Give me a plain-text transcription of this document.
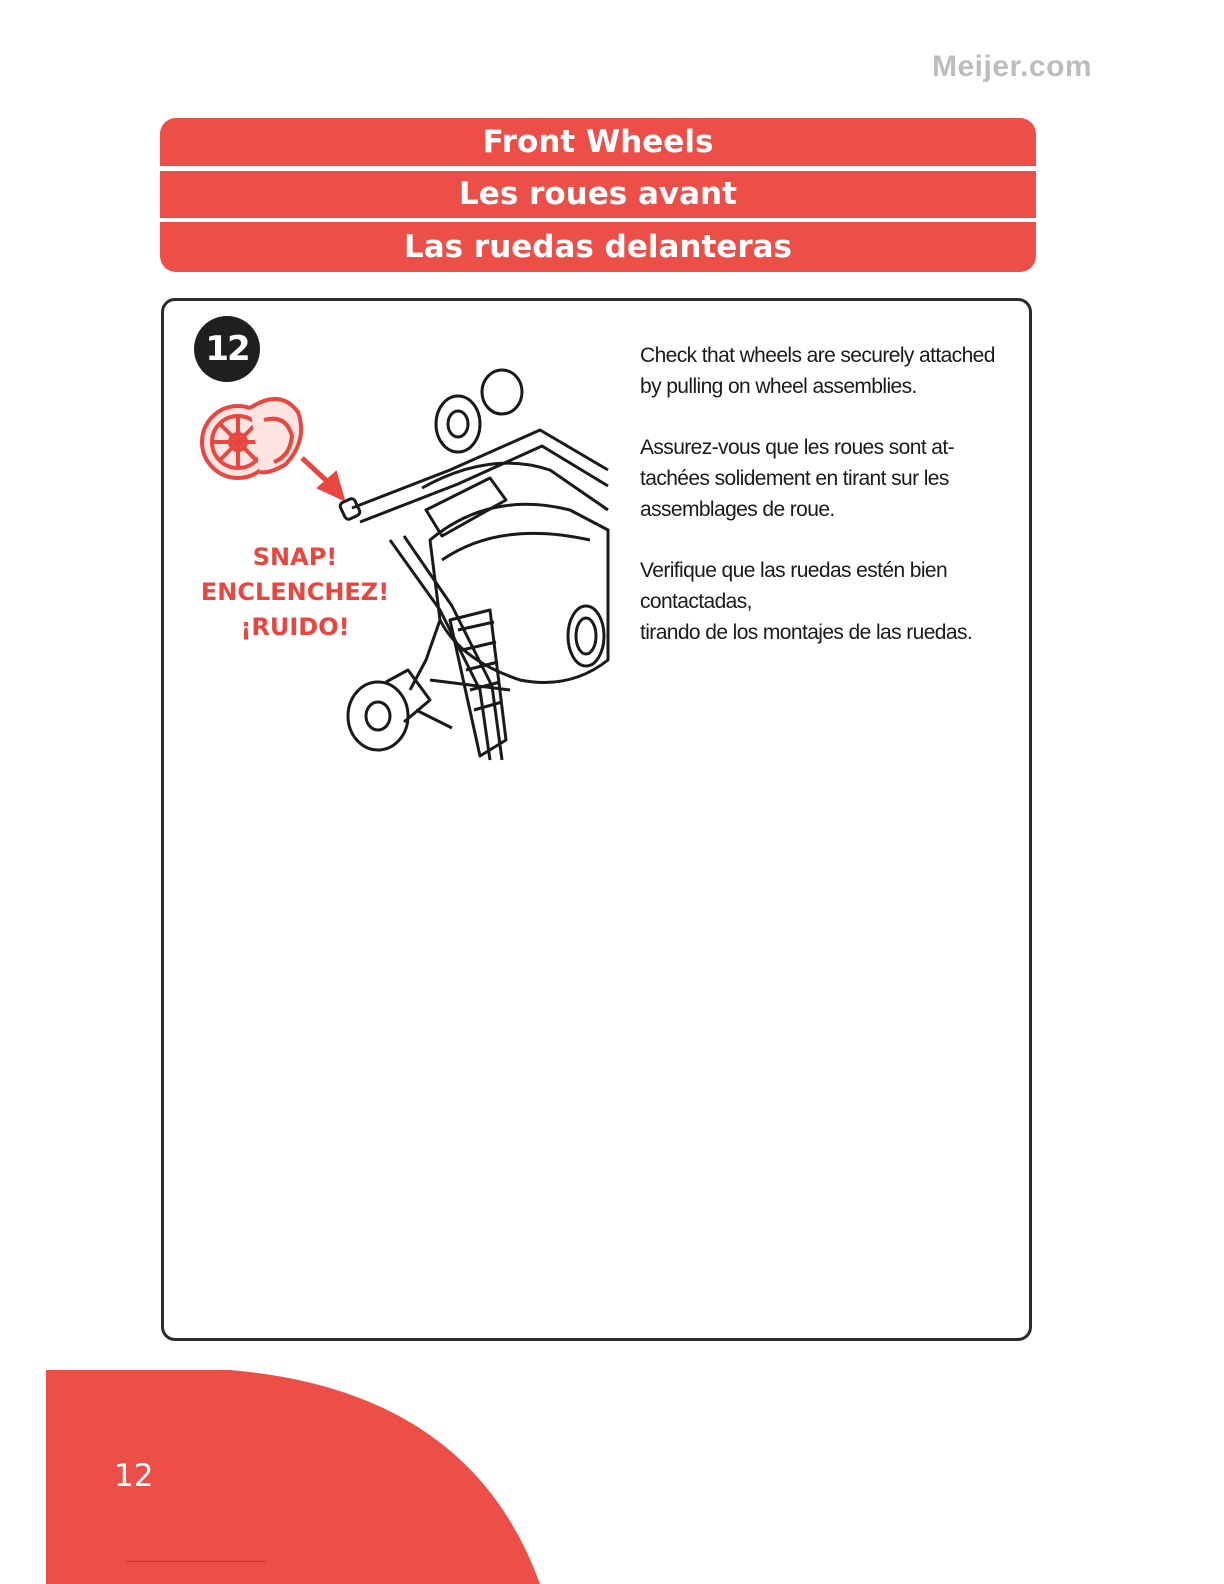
Meijer.com
Front Wheels
Les roues avant
Las ruedas delanteras
12
SNAP!
ENCLENCHEZ!
¡RUIDO!

Check that wheels are securely attached
by pulling on wheel assemblies.

Assurez-vous que les roues sont at-
tachées solidement en tirant sur les
assemblages de roue.

Verifique que las ruedas estén bien
contactadas,
tirando de los montajes de las ruedas.

12
